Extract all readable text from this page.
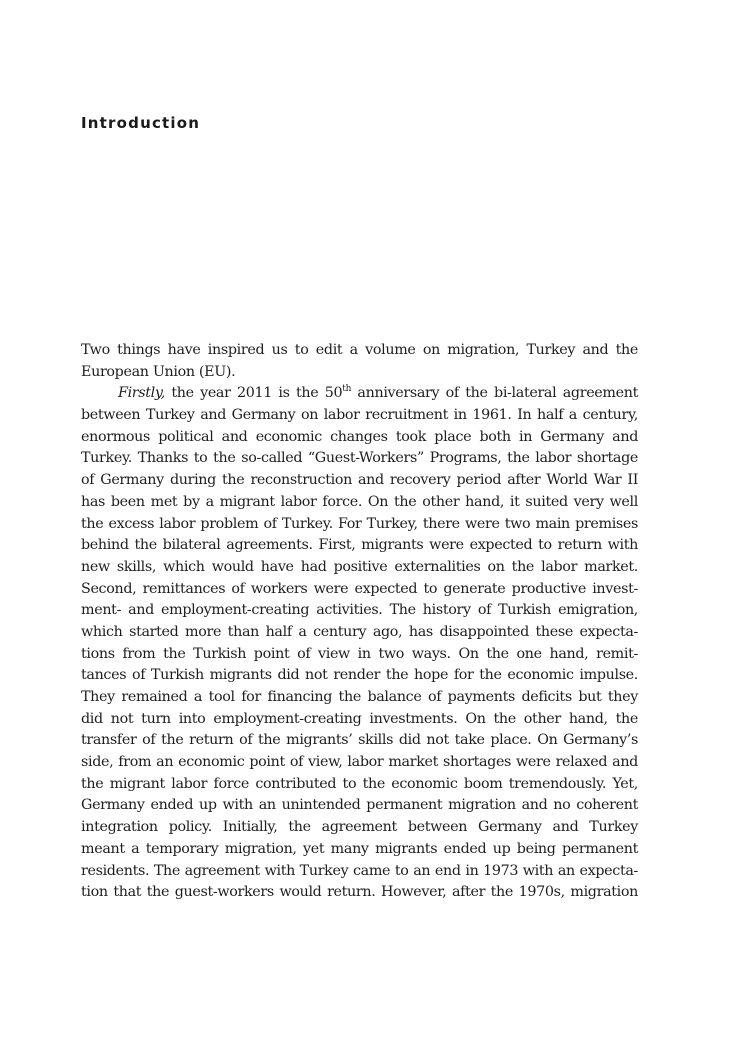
Introduction
Two things have inspired us to edit a volume on migration, Turkey and the
European Union (EU).
Firstly, the year 2011 is the 50th anniversary of the bi-lateral agreement
between Turkey and Germany on labor recruitment in 1961. In half a century,
enormous political and economic changes took place both in Germany and
Turkey. Thanks to the so-called “Guest-Workers” Programs, the labor shortage
of Germany during the reconstruction and recovery period after World War II
has been met by a migrant labor force. On the other hand, it suited very well
the excess labor problem of Turkey. For Turkey, there were two main premises
behind the bilateral agreements. First, migrants were expected to return with
new skills, which would have had positive externalities on the labor market.
Second, remittances of workers were expected to generate productive invest-
ment- and employment-creating activities. The history of Turkish emigration,
which started more than half a century ago, has disappointed these expecta-
tions from the Turkish point of view in two ways. On the one hand, remit-
tances of Turkish migrants did not render the hope for the economic impulse.
They remained a tool for financing the balance of payments deficits but they
did not turn into employment-creating investments. On the other hand, the
transfer of the return of the migrants’ skills did not take place. On Germany’s
side, from an economic point of view, labor market shortages were relaxed and
the migrant labor force contributed to the economic boom tremendously. Yet,
Germany ended up with an unintended permanent migration and no coherent
integration policy. Initially, the agreement between Germany and Turkey
meant a temporary migration, yet many migrants ended up being permanent
residents. The agreement with Turkey came to an end in 1973 with an expecta-
tion that the guest-workers would return. However, after the 1970s, migration
